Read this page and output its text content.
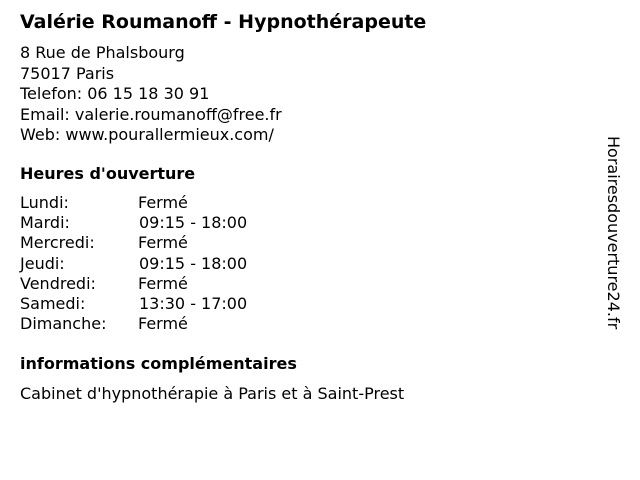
Valérie Roumanoff - Hypnothérapeute
8 Rue de Phalsbourg
75017 Paris
Telefon: 06 15 18 30 91
Email: valerie.roumanoff@free.fr
Web: www.pourallermieux.com/
Heures d'ouverture
Lundi:	Fermé
Mardi:	09:15 - 18:00
Mercredi:	Fermé
Jeudi:	09:15 - 18:00
Vendredi:	Fermé
Samedi:	13:30 - 17:00
Dimanche: Fermé
informations complémentaires
Cabinet d'hypnothérapie à Paris et à Saint-Prest
Horairesdouverture24.fr
